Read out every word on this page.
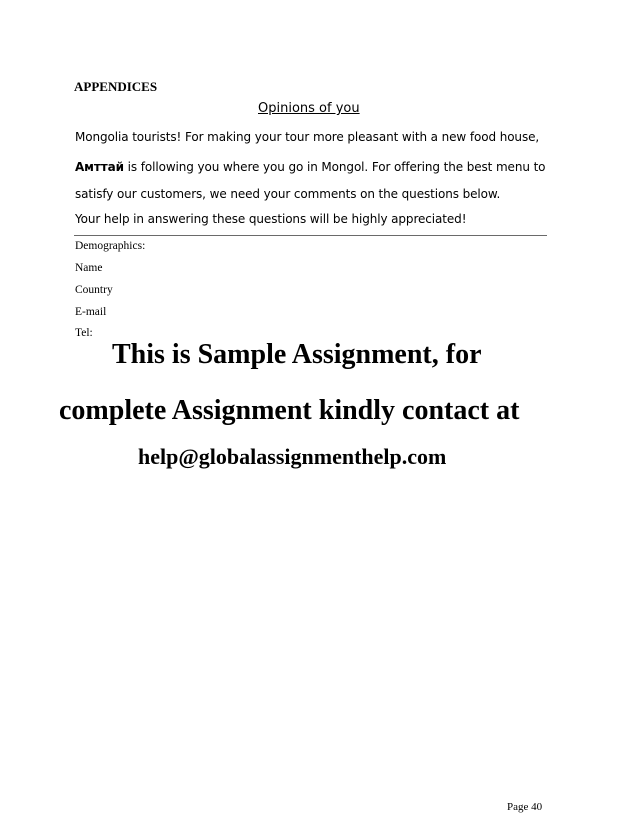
APPENDICES
Opinions of you
Mongolia tourists! For making your tour more pleasant with a new food house,
Амттай is following you where you go in Mongol. For offering the best menu to
satisfy our customers, we need your comments on the questions below.
Your help in answering these questions will be highly appreciated!
Demographics:
Name
Country
E-mail
Tel:
This is Sample Assignment, for
complete Assignment kindly contact at
help@globalassignmenthelp.com
Page 40
